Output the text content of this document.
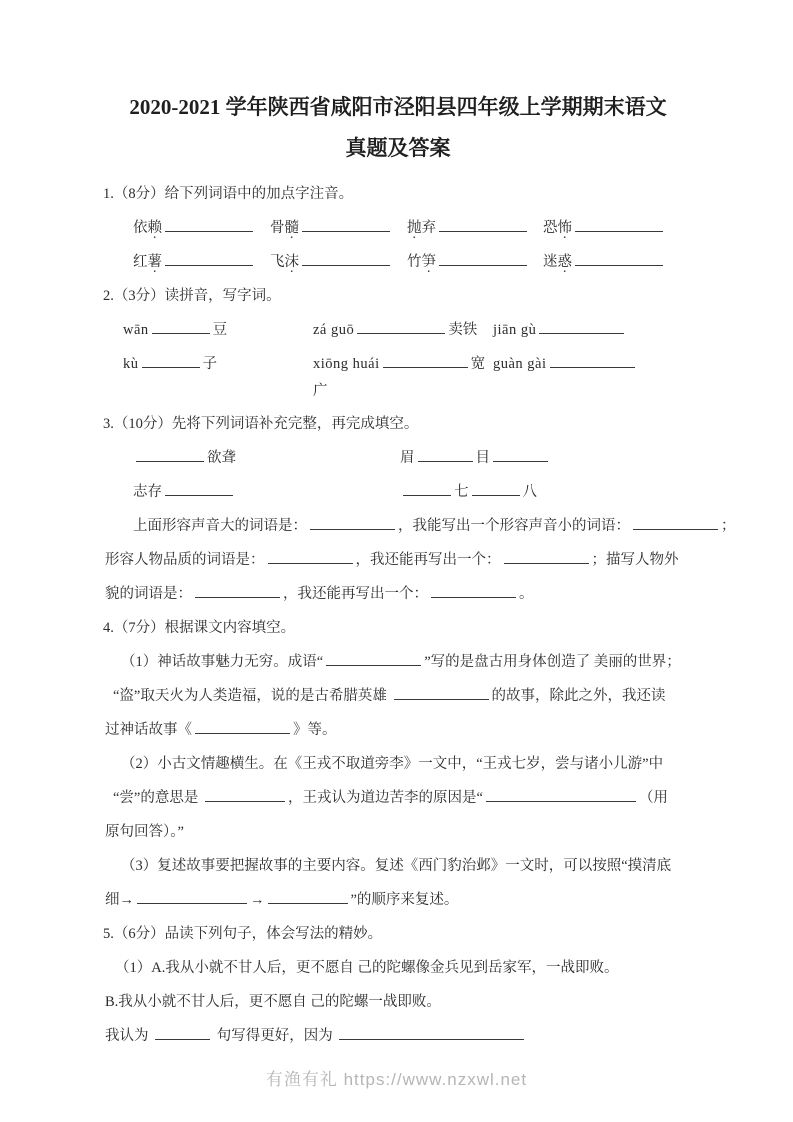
2020-2021 学年陕西省咸阳市泾阳县四年级上学期期末语文
真题及答案
1.（8分）给下列词语中的加点字注音。
依赖	骨髓	抛弃	恐怖
红薯	飞沫	竹笋	迷惑
2.（3分）读拼音，写字词。
wān	豆	zá guō	卖铁 jiān gù
kù	子	xiōng huái	宽 guàn gài
广
3.（10分）先将下列词语补充完整，再完成填空。
欲聋	眉	目
志存	七	八
上面形容声音大的词语是：	，我能写出一个形容声音小的词语：	；
形容人物品质的词语是：	，我还能再写出一个：	；描写人物外
貌的词语是：	，我还能再写出一个：	。
4.（7分）根据课文内容填空。
（1）神话故事魅力无穷。成语“	”写的是盘古用身体创造了 美丽的世界；
“盗”取天火为人类造福，说的是古希腊英雄	的故事，除此之外，我还读
过神话故事《	》等。
（2）小古文情趣横生。在《王戎不取道旁李》一文中，“王戎七岁，尝与诸小儿游”中
“尝”的意思是	，王戎认为道边苦李的原因是“	（用
原句回答）。”
（3）复述故事要把握故事的主要内容。复述《西门豹治邺》一文时，可以按照“摸清底
细→	→	”的顺序来复述。
5.（6分）品读下列句子，体会写法的精妙。
（1）A.我从小就不甘人后，更不愿自 己的陀螺像金兵见到岳家军，一战即败。
B.我从小就不甘人后，更不愿自 己的陀螺一战即败。
我认为	句写得更好，因为
有渔有礼 https://www.nzxwl.net
